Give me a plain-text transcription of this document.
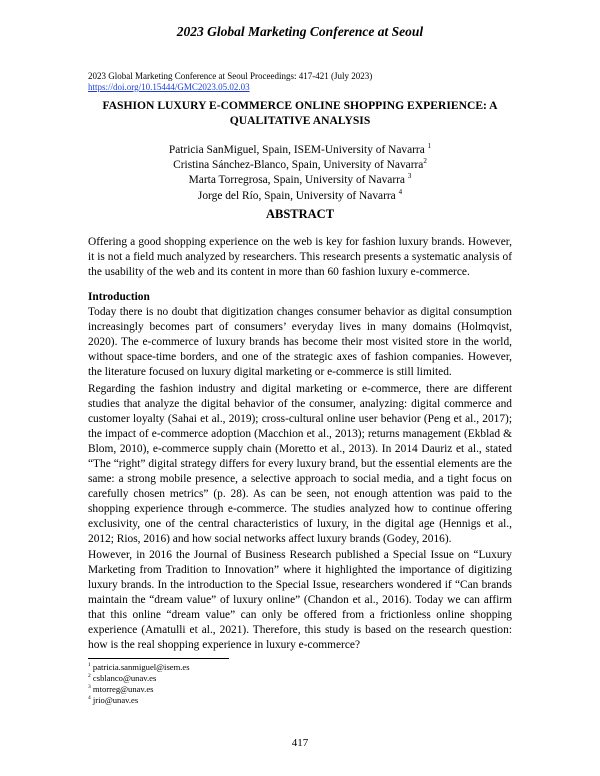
2023 Global Marketing Conference at Seoul
2023 Global Marketing Conference at Seoul Proceedings: 417-421 (July 2023)
https://doi.org/10.15444/GMC2023.05.02.03
FASHION LUXURY E-COMMERCE ONLINE SHOPPING EXPERIENCE: A
QUALITATIVE ANALYSIS
Patricia SanMiguel, Spain, ISEM-University of Navarra $^1$
Cristina Sánchez-Blanco, Spain, University of Navarra$^2$
Marta Torregrosa, Spain, University of Navarra $^3$
Jorge del Río, Spain, University of Navarra $^4$
ABSTRACT

Offering a good shopping experience on the web is key for fashion luxury brands. However, it is not a field much analyzed by researchers. This research presents a systematic analysis of the usability of the web and its content in more than 60 fashion luxury e-commerce.

Introduction

Today there is no doubt that digitization changes consumer behavior as digital consumption increasingly becomes part of consumers’ everyday lives in many domains (Holmqvist, 2020). The e-commerce of luxury brands has become their most visited store in the world, without space-time borders, and one of the strategic axes of fashion companies. However, the literature focused on luxury digital marketing or e-commerce is still limited.

Regarding the fashion industry and digital marketing or e-commerce, there are different studies that analyze the digital behavior of the consumer, analyzing: digital commerce and customer loyalty (Sahai et al., 2019); cross-cultural online user behavior (Peng et al., 2017); the impact of e-commerce adoption (Macchion et al., 2013); returns management (Ekblad & Blom, 2010), e-commerce supply chain (Moretto et al., 2013). In 2014 Dauriz et al., stated “The “right” digital strategy differs for every luxury brand, but the essential elements are the same: a strong mobile presence, a selective approach to social media, and a tight focus on carefully chosen metrics” (p. 28). As can be seen, not enough attention was paid to the shopping experience through e-commerce. The studies analyzed how to continue offering exclusivity, one of the central characteristics of luxury, in the digital age (Hennigs et al., 2012; Rios, 2016) and how social networks affect luxury brands (Godey, 2016).

However, in 2016 the Journal of Business Research published a Special Issue on “Luxury Marketing from Tradition to Innovation” where it highlighted the importance of digitizing luxury brands. In the introduction to the Special Issue, researchers wondered if “Can brands maintain the “dream value” of luxury online” (Chandon et al., 2016). Today we can affirm that this online “dream value” can only be offered from a frictionless online shopping experience (Amatulli et al., 2021). Therefore, this study is based on the research question: how is the real shopping experience in luxury e-commerce?

$^1$ patricia.sanmiguel@isem.es
$^2$ csblanco@unav.es
$^3$ mtorreg@unav.es
$^4$ jrio@unav.es
417
